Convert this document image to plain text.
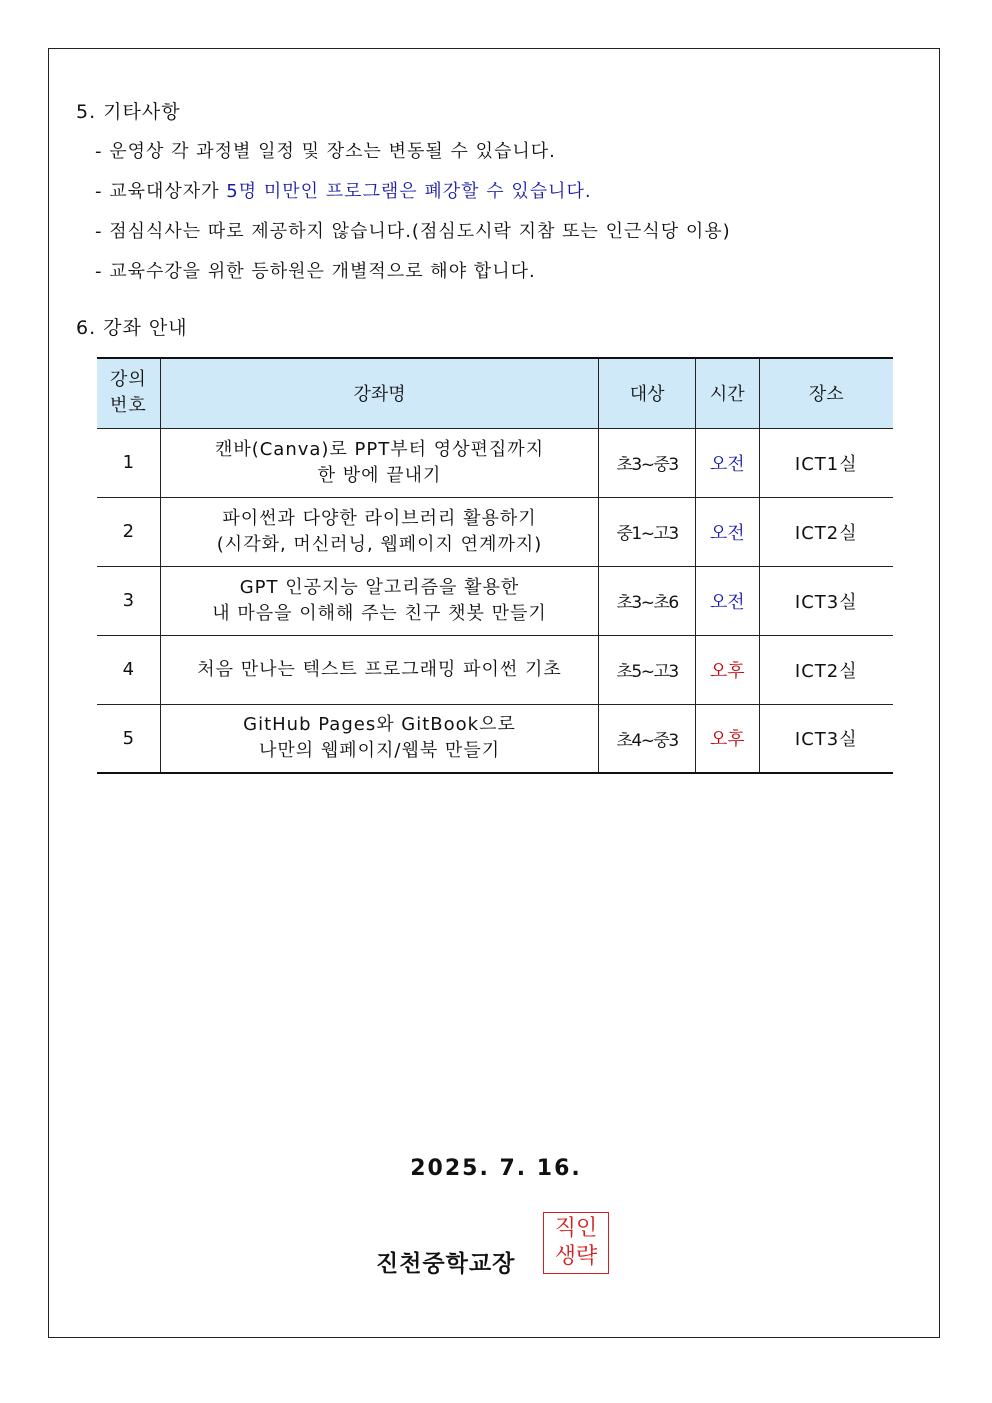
5. 기타사항
- 운영상 각 과정별 일정 및 장소는 변동될 수 있습니다.
- 교육대상자가 5명 미만인 프로그램은 폐강할 수 있습니다.
- 점심식사는 따로 제공하지 않습니다.(점심도시락 지참 또는 인근식당 이용)
- 교육수강을 위한 등하원은 개별적으로 해야 합니다.
6. 강좌 안내
강의
번호	강좌명	대상	시간	장소
1	캔바(Canva)로 PPT부터 영상편집까지
한 방에 끝내기	초3~중3	오전	ICT1실
2	파이썬과 다양한 라이브러리 활용하기
(시각화, 머신러닝, 웹페이지 연계까지)	중1~고3	오전	ICT2실
3	GPT 인공지능 알고리즘을 활용한
내 마음을 이해해 주는 친구 챗봇 만들기	초3~초6	오전	ICT3실
4	처음 만나는 텍스트 프로그래밍 파이썬 기초	초5~고3	오후	ICT2실
5	GitHub Pages와 GitBook으로
나만의 웹페이지/웹북 만들기	초4~중3	오후	ICT3실
2025. 7. 16.
진천중학교장
직인
생략
